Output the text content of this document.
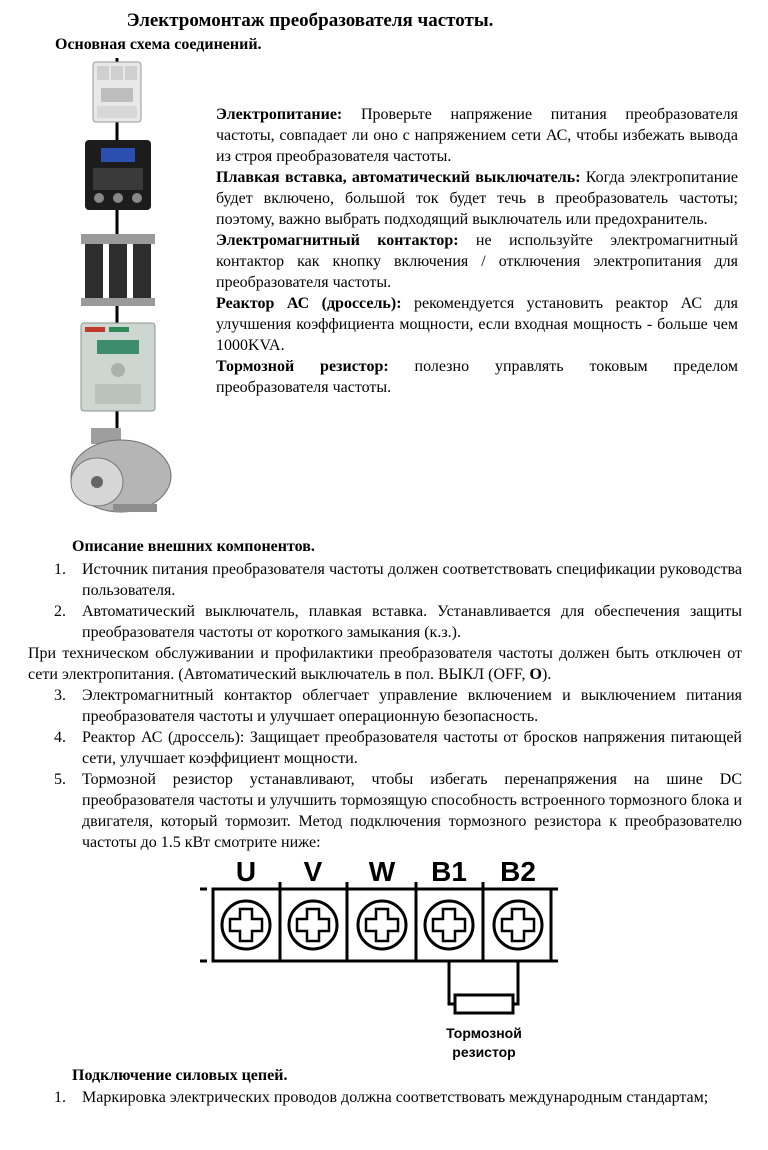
Электромонтаж преобразователя частоты.
Основная схема соединений.

Электропитание: Проверьте напряжение питания преобразователя частоты, совпадает ли оно с напряжением сети АС, чтобы избежать вывода из строя преобразователя частоты.

Плавкая вставка, автоматический выключатель: Когда электропитание будет включено, большой ток будет течь в преобразователь частоты; поэтому, важно выбрать подходящий выключатель или предохранитель.

Электромагнитный контактор: не используйте электромагнитный контактор как кнопку включения / отключения электропитания для преобразователя частоты.

Реактор АС (дроссель): рекомендуется установить реактор АС для улучшения коэффициента мощности, если входная мощность - больше чем 1000KVA.

Тормозной резистор: полезно управлять токовым пределом преобразователя частоты.

Описание внешних компонентов.
1. Источник питания преобразователя частоты должен соответствовать спецификации руководства пользователя.
2. Автоматический выключатель, плавкая вставка. Устанавливается для обеспечения защиты преобразователя частоты от короткого замыкания (к.з.).
При техническом обслуживании и профилактики преобразователя частоты должен быть отключен от сети электропитания. (Автоматический выключатель в пол. ВЫКЛ (OFF, О).
3. Электромагнитный контактор облегчает управление включением и выключением питания преобразователя частоты и улучшает операционную безопасность.
4. Реактор АС (дроссель): Защищает преобразователя частоты от бросков напряжения питающей сети, улучшает коэффициент мощности.
5. Тормозной резистор устанавливают, чтобы избегать перенапряжения на шине DC преобразователя частоты и улучшить тормозящую способность встроенного тормозного блока и двигателя, который тормозит. Метод подключения тормозного резистора к преобразователю частоты до 1.5 кВт смотрите ниже:
U V W B1 B2
Тормозной
резистор
Подключение силовых цепей.
1. Маркировка электрических проводов должна соответствовать международным стандартам;
